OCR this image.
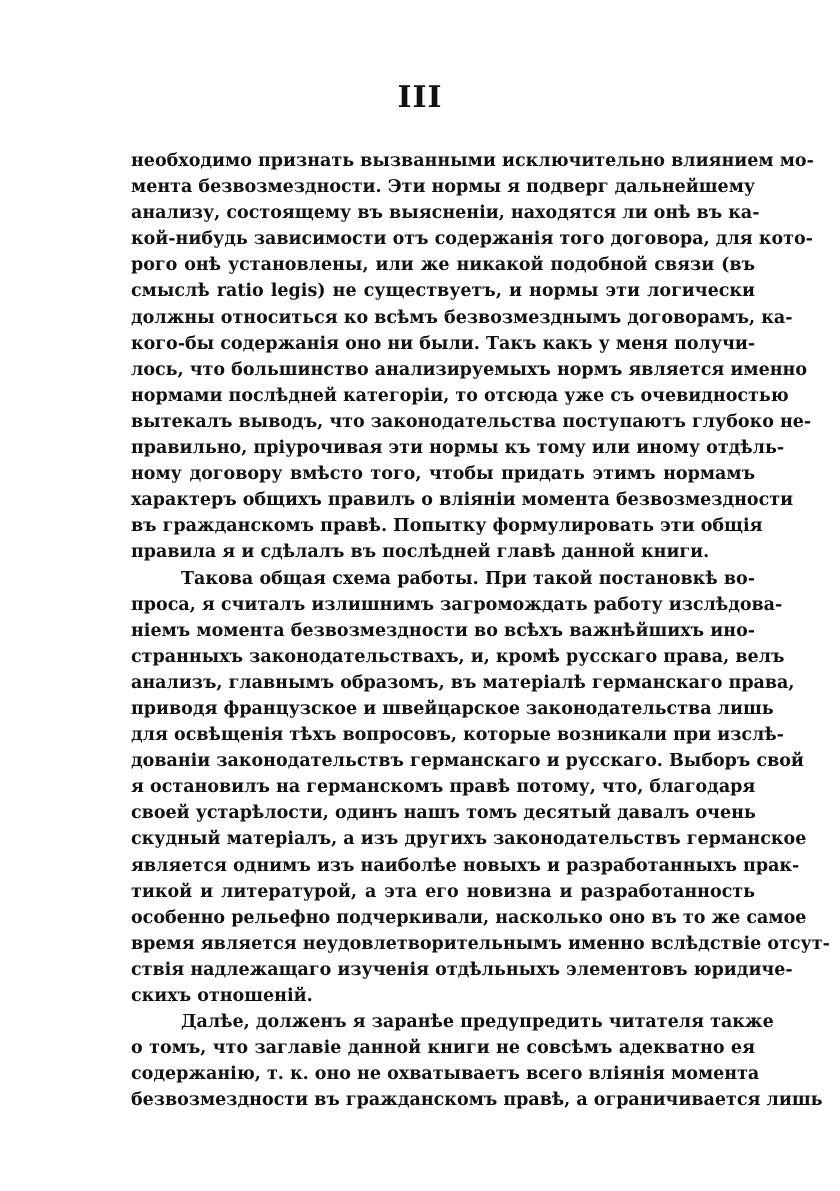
III
необходимо признать вызванными исключительно влиянием мо-
мента безвозмездности. Эти нормы я подверг дальнейшему
анализу, состоящему въ выясненiи, находятся ли онѣ въ ка-
кой-нибудь зависимости отъ содержанiя того договора, для кото-
рого онѣ установлены, или же никакой подобной связи (въ
смыслѣ ratio legis) не существуетъ, и нормы эти логически
должны относиться ко всѣмъ безвозмезднымъ договорамъ, ка-
кого-бы содержанiя оно ни были. Такъ какъ у меня получи-
лось, что большинство анализируемыхъ нормъ является именно
нормами послѣдней категорiи, то отсюда уже съ очевидностью
вытекалъ выводъ, что законодательства поступаютъ глубоко не-
правильно, прiурочивая эти нормы къ тому или иному отдѣль-
ному договору вмѣсто того, чтобы придать этимъ нормамъ
характеръ общихъ правилъ о влiянiи момента безвозмездности
въ гражданскомъ правѣ. Попытку формулировать эти общiя
правила я и сдѣлалъ въ послѣдней главѣ данной книги.
Такова общая схема работы. При такой постановкѣ во-
проса, я считалъ излишнимъ загромождать работу изслѣдова-
нiемъ момента безвозмездности во всѣхъ важнѣйшихъ ино-
странныхъ законодательствахъ, и, кромѣ русскаго права, велъ
анализъ, главнымъ образомъ, въ матерiалѣ германскаго права,
приводя французское и швейцарское законодательства лишь
для освѣщенiя тѣхъ вопросовъ, которые возникали при изслѣ-
дованiи законодательствъ германскаго и русскаго. Выборъ свой
я остановилъ на германскомъ правѣ потому, что, благодаря
своей устарѣлости, одинъ нашъ томъ десятый давалъ очень
скудный матерiалъ, а изъ другихъ законодательствъ германское
является однимъ изъ наиболѣе новыхъ и разработанныхъ прак-
тикой и литературой, а эта его новизна и разработанность
особенно рельефно подчеркивали, насколько оно въ то же самое
время является неудовлетворительнымъ именно вслѣдствiе отсут-
ствiя надлежащаго изученiя отдѣльныхъ элементовъ юридиче-
скихъ отношенiй.
Далѣе, долженъ я заранѣе предупредить читателя также
о томъ, что заглавiе данной книги не совсѣмъ адекватно ея
содержанiю, т. к. оно не охватываетъ всего влiянiя момента
безвозмездности въ гражданскомъ правѣ, а ограничивается лишь
